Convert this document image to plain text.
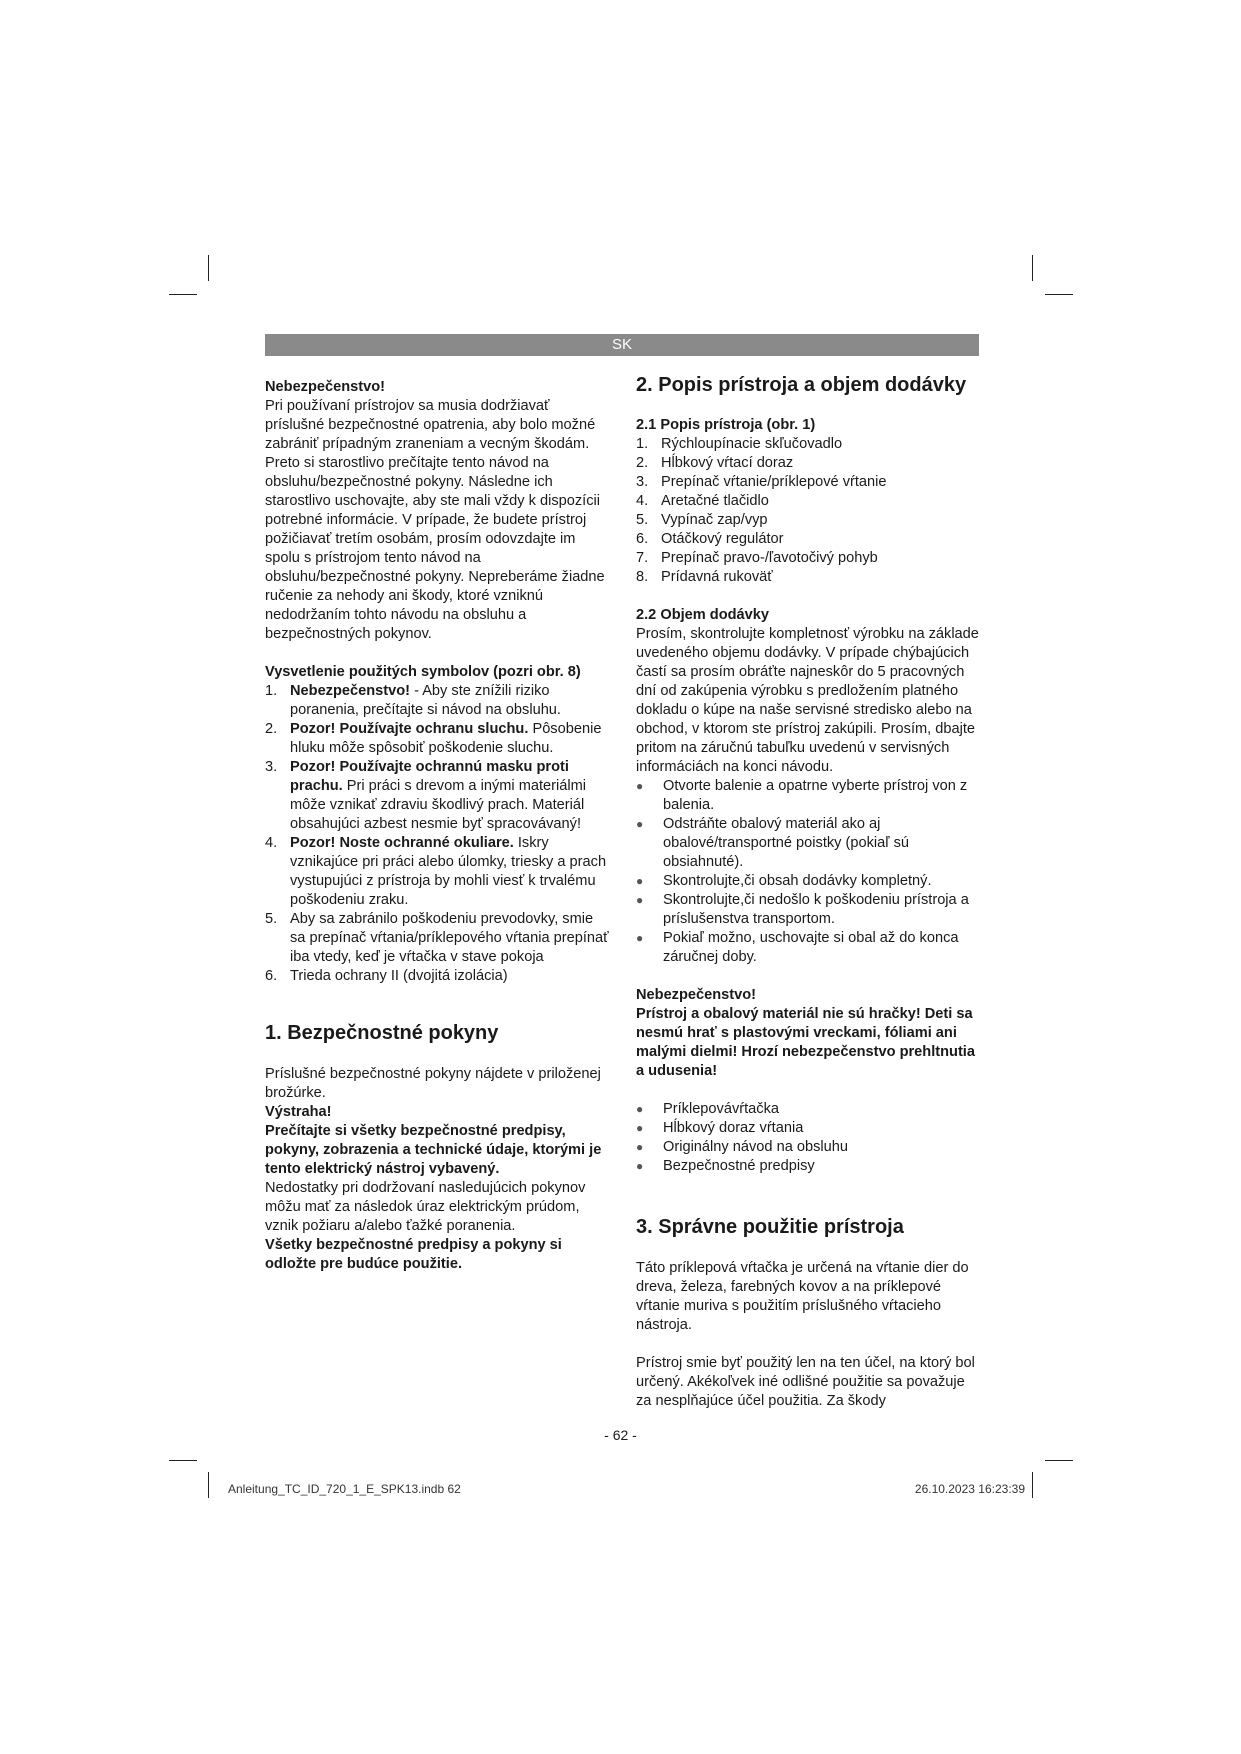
SK

Nebezpečenstvo!

Pri používaní prístrojov sa musia dodržiavať príslušné bezpečnostné opatrenia, aby bolo možné zabrániť prípadným zraneniam a vecným škodám. Preto si starostlivo prečítajte tento návod na obsluhu/bezpečnostné pokyny. Následne ich starostlivo uschovajte, aby ste mali vždy k dispozícii potrebné informácie. V prípade, že budete prístroj požičiavať tretím osobám, prosím odovzdajte im spolu s prístrojom tento návod na obsluhu/bezpečnostné pokyny. Nepreberáme žiadne ručenie za nehody ani škody, ktoré vzniknú nedodržaním tohto návodu na obsluhu a bezpečnostných pokynov.

Vysvetlenie použitých symbolov (pozri obr. 8)

1. Nebezpečenstvo! - Aby ste znížili riziko poranenia, prečítajte si návod na obsluhu.
2. Pozor! Používajte ochranu sluchu. Pôsobenie hluku môže spôsobiť poškodenie sluchu.
3. Pozor! Používajte ochrannú masku proti prachu. Pri práci s drevom a inými materiálmi môže vznikať zdraviu škodlivý prach. Materiál obsahujúci azbest nesmie byť spracovávaný!
4. Pozor! Noste ochranné okuliare. Iskry vznikajúce pri práci alebo úlomky, triesky a prach vystupujúci z prístroja by mohli viesť k trvalému poškodeniu zraku.
5. Aby sa zabránilo poškodeniu prevodovky, smie sa prepínač vŕtania/príklepového vŕtania prepínať iba vtedy, keď je vŕtačka v stave pokoja
6. Trieda ochrany II (dvojitá izolácia)

1. Bezpečnostné pokyny

Príslušné bezpečnostné pokyny nájdete v priloženej brožúrke.

Výstraha!

Prečítajte si všetky bezpečnostné predpisy, pokyny, zobrazenia a technické údaje, ktorými je tento elektrický nástroj vybavený.

Nedostatky pri dodržovaní nasledujúcich pokynov môžu mať za následok úraz elektrickým prúdom, vznik požiaru a/alebo ťažké poranenia.

Všetky bezpečnostné predpisy a pokyny si odložte pre budúce použitie.

2. Popis prístroja a objem dodávky

2.1 Popis prístroja (obr. 1)

1. Rýchloupínacie skľučovadlo
2. Hĺbkový vŕtací doraz
3. Prepínač vŕtanie/príklepové vŕtanie
4. Aretačné tlačidlo
5. Vypínač zap/vyp
6. Otáčkový regulátor
7. Prepínač pravo-/ľavotočivý pohyb
8. Prídavná rukoväť

2.2 Objem dodávky

Prosím, skontrolujte kompletnosť výrobku na základe uvedeného objemu dodávky. V prípade chýbajúcich častí sa prosím obráťte najneskôr do 5 pracovných dní od zakúpenia výrobku s predložením platného dokladu o kúpe na naše servisné stredisko alebo na obchod, v ktorom ste prístroj zakúpili. Prosím, dbajte pritom na záručnú tabuľku uvedenú v servisných informáciách na konci návodu.

● Otvorte balenie a opatrne vyberte prístroj von z balenia.
● Odstráňte obalový materiál ako aj obalové/transportné poistky (pokiaľ sú obsiahnuté).
● Skontrolujte,či obsah dodávky kompletný.
● Skontrolujte,či nedošlo k poškodeniu prístroja a príslušenstva transportom.
● Pokiaľ možno, uschovajte si obal až do konca záručnej doby.

Nebezpečenstvo!

Prístroj a obalový materiál nie sú hračky! Deti sa nesmú hrať s plastovými vreckami, fóliami ani malými dielmi! Hrozí nebezpečenstvo prehltnutia a udusenia!

● Príklepovávŕtačka
● Hĺbkový doraz vŕtania
● Originálny návod na obsluhu
● Bezpečnostné predpisy

3. Správne použitie prístroja

Táto príklepová vŕtačka je určená na vŕtanie dier do dreva, železa, farebných kovov a na príklepové vŕtanie muriva s použitím príslušného vŕtacieho nástroja.

Prístroj smie byť použitý len na ten účel, na ktorý bol určený. Akékoľvek iné odlišné použitie sa považuje za nesplňajúce účel použitia. Za škody

- 62 -
Anleitung_TC_ID_720_1_E_SPK13.indb 62	26.10.2023 16:23:39
